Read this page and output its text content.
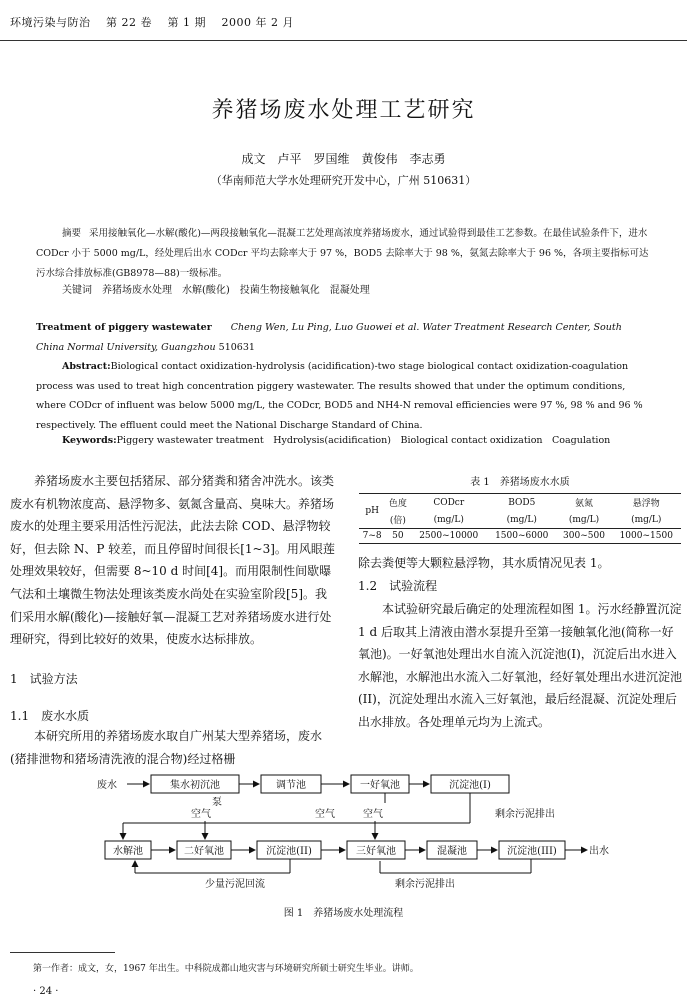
环境污染与防治　 第 22 卷　 第 1 期　 2000 年 2 月
养猪场废水处理工艺研究
成文　卢平　罗国维　黄俊伟　李志勇
（华南师范大学水处理研究开发中心，广州 510631）
摘要 采用接触氧化—水解(酸化)—两段接触氧化—混凝工艺处理高浓度养猪场废水，通过试验得到最佳工艺参数。在最佳试验条件下，进水 CODcr 小于 5000 mg/L，经处理后出水 CODcr 平均去除率大于 97 %，BOD5 去除率大于 98 %，氨氮去除率大于 96 %，各项主要指标可达污水综合排放标准(GB8978—88)一级标准。
关键词　 养猪场废水处理　水解(酸化)　投菌生物接触氧化　混凝处理
Treatment of piggery wastewater　　 Cheng Wen, Lu Ping, Luo Guowei et al. Water Treatment Research Center, South China Normal University, Guangzhou 510631
Abstract:Biological contact oxidization-hydrolysis (acidification)-two stage biological contact oxidization-coagulation process was used to treat high concentration piggery wastewater. The results showed that under the optimum conditions, where CODcr of influent was below 5000 mg/L, the CODcr, BOD5 and NH4-N removal efficiencies were 97 %, 98 % and 96 % respectively. The effluent could meet the National Discharge Standard of China.
Keywords:Piggery wastewater treatment　Hydrolysis(acidification)　Biological contact oxidization　Coagulation
养猪场废水主要包括猪尿、部分猪粪和猪舍冲洗水。该类废水有机物浓度高、悬浮物多、氨氮含量高、臭味大。养猪场废水的处理主要采用活性污泥法，此法去除 COD、悬浮物较好，但去除 N、P 较差，而且停留时间很长[1~3]。用风眼莲处理效果较好，但需要 8~10 d 时间[4]。而用限制性间歇曝气法和土壤微生物法处理该类废水尚处在实验室阶段[5]。我们采用水解(酸化)—接触好氧—混凝工艺对养猪场废水进行处理研究，得到比较好的效果，使废水达标排放。
1　试验方法
1.1　废水水质
本研究所用的养猪场废水取自广州某大型养猪场，废水(猪排泄物和猪场清洗液的混合物)经过格栅
表 1　养猪场废水水质
pH	色度	CODcr	BOD5	氨氮	悬浮物
	(倍)	(mg/L)	(mg/L)	(mg/L)	(mg/L)
7~8	50	2500~10000	1500~6000	300~500	1000~1500
除去粪便等大颗粒悬浮物，其水质情况见表 1。
1.2　试验流程
本试验研究最后确定的处理流程如图 1。污水经静置沉淀 1 d 后取其上清液由潜水泵提升至第一接触氧化池(简称一好氧池)。一好氧池处理出水自流入沉淀池(I)，沉淀后出水进入水解池，水解池出水流入二好氧池，经好氧处理出水进沉淀池(II)，沉淀处理出水流入三好氧池，最后经混凝、沉淀处理后出水排放。各处理单元均为上流式。
废水	集水初沉池	调节池	一好氧池	沉淀池(I)
泵
空气	空气	空气	剩余污泥排出
水解池	二好氧池	沉淀池(II)	三好氧池	混凝池	沉淀池(III)	出水
少量污泥回流	剩余污泥排出
图 1　养猪场废水处理流程
第一作者：成文，女，1967 年出生。中科院成都山地灾害与环境研究所硕士研究生毕业。讲师。
· 24 ·
